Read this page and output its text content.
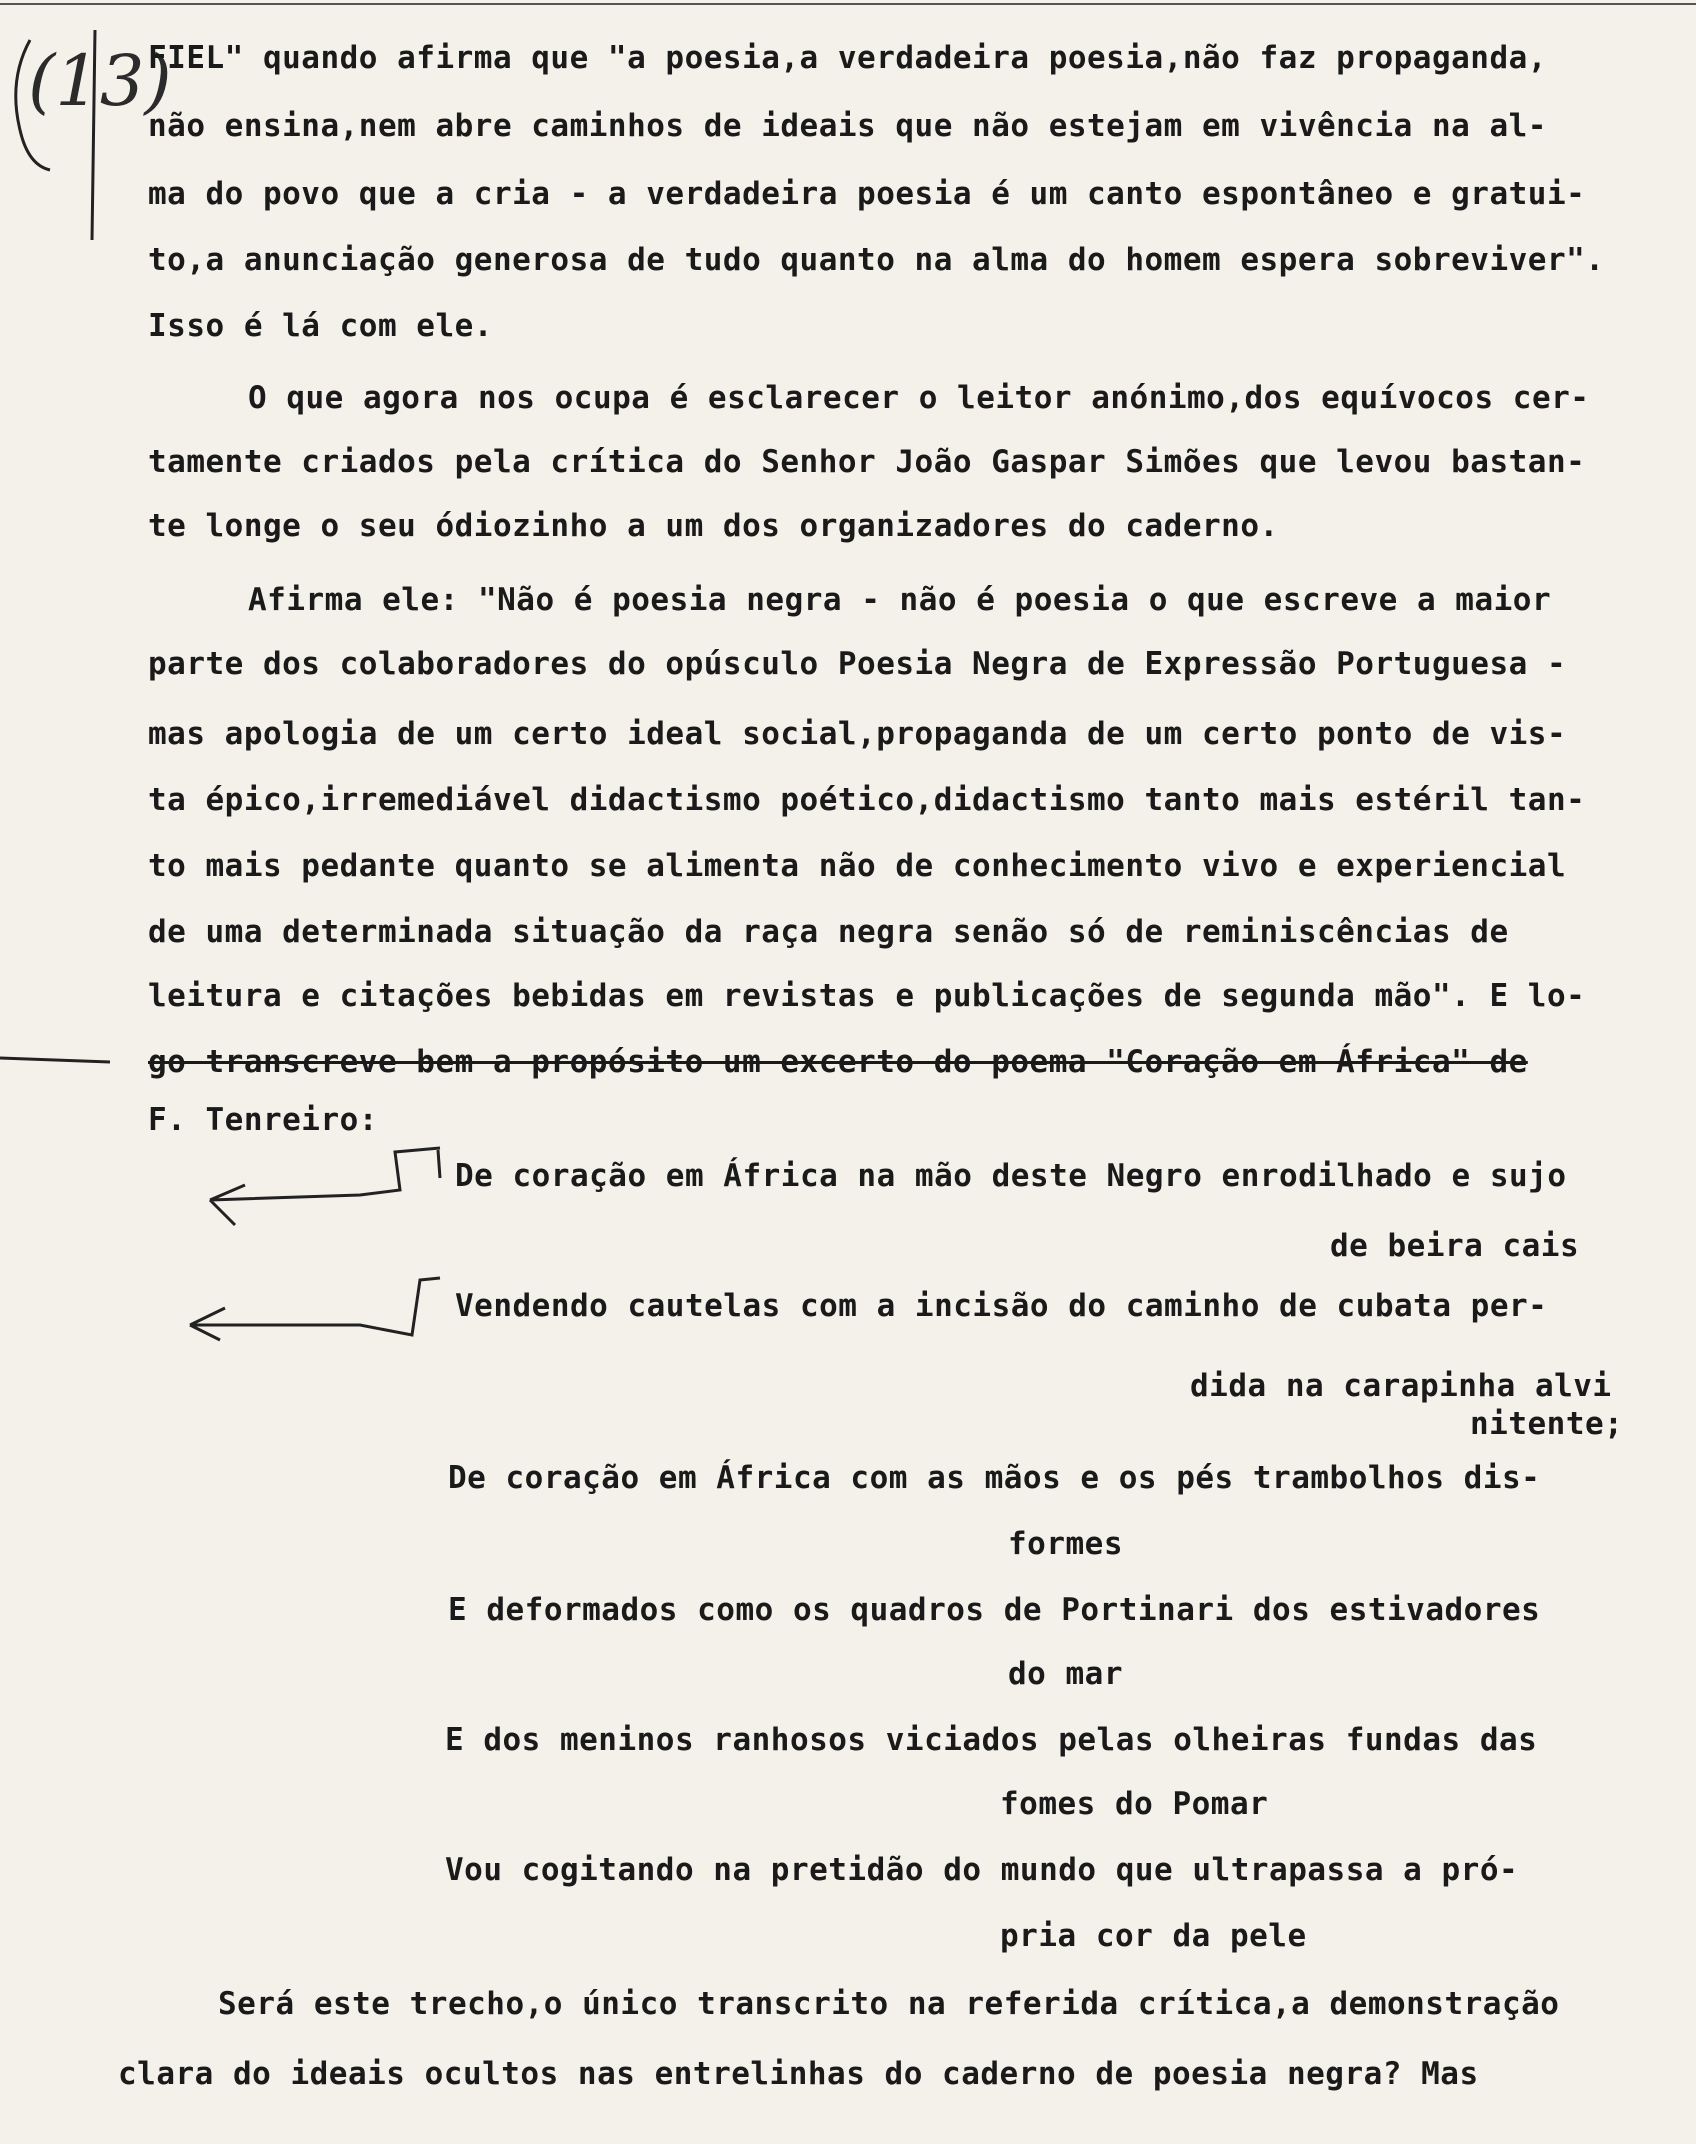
(13)
FIEL" quando afirma que "a poesia,a verdadeira poesia,não faz propaganda,
não ensina,nem abre caminhos de ideais que não estejam em vivência na al-
ma do povo que a cria - a verdadeira poesia é um canto espontâneo e gratui-
to,a anunciação generosa de tudo quanto na alma do homem espera sobreviver".
Isso é lá com ele.
O que agora nos ocupa é esclarecer o leitor anónimo,dos equívocos cer-
tamente criados pela crítica do Senhor João Gaspar Simões que levou bastan-
te longe o seu ódiozinho a um dos organizadores do caderno.
Afirma ele: "Não é poesia negra - não é poesia o que escreve a maior
parte dos colaboradores do opúsculo Poesia Negra de Expressão Portuguesa -
mas apologia de um certo ideal social,propaganda de um certo ponto de vis-
ta épico,irremediável didactismo poético,didactismo tanto mais estéril tan-
to mais pedante quanto se alimenta não de conhecimento vivo e experiencial
de uma determinada situação da raça negra senão só de reminiscências de
leitura e citações bebidas em revistas e publicações de segunda mão". E lo-
go transcreve bem a propósito um excerto do poema "Coração em África" de
F. Tenreiro:
De coração em África na mão deste Negro enrodilhado e sujo
de beira cais
Vendendo cautelas com a incisão do caminho de cubata per-
dida na carapinha alvi
nitente;
De coração em África com as mãos e os pés trambolhos dis-
formes
E deformados como os quadros de Portinari dos estivadores
do mar
E dos meninos ranhosos viciados pelas olheiras fundas das
fomes do Pomar
Vou cogitando na pretidão do mundo que ultrapassa a pró-
pria cor da pele
Será este trecho,o único transcrito na referida crítica,a demonstração
clara do ideais ocultos nas entrelinhas do caderno de poesia negra? Mas
